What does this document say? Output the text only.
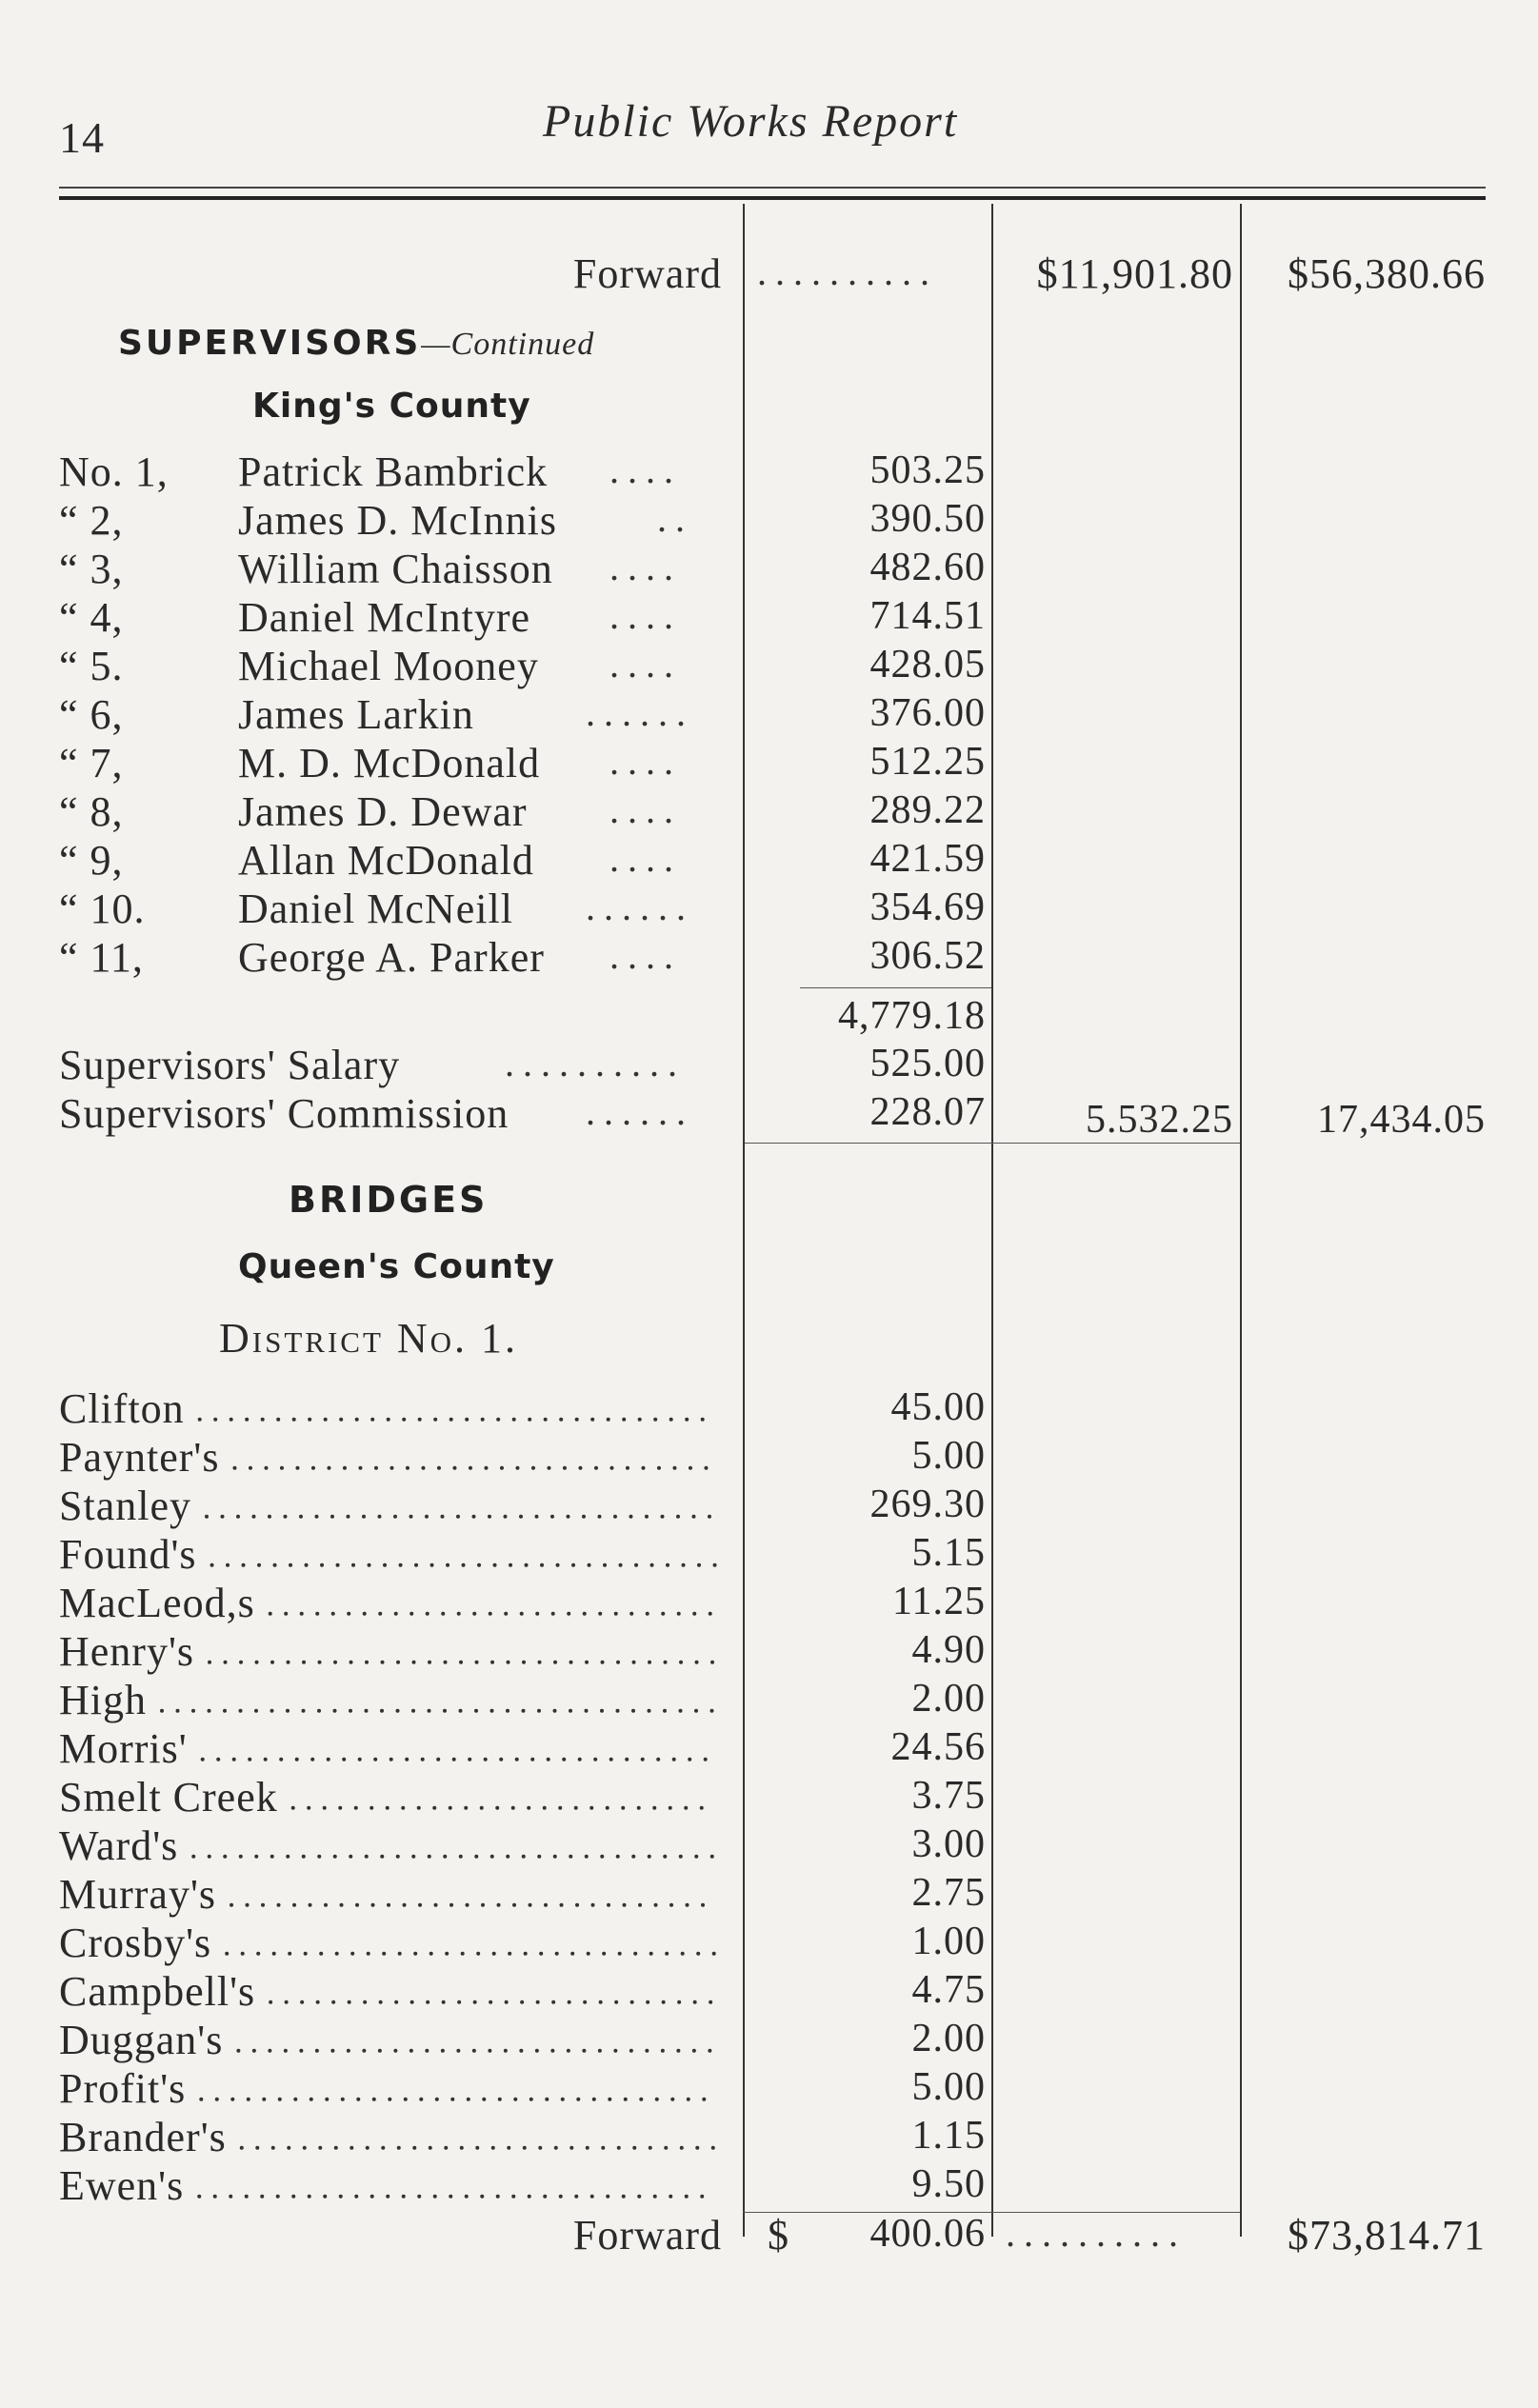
14	Public Works Report
Forward ..........	$11,901.80	$56,380.66
SUPERVISORS—Continued
King's County
No. 1, Patrick Bambrick ....	503.25
“ 2,	James D. McInnis	..	390.50
“ 3,	William Chaisson ....	482.60
“ 4,	Daniel McIntyre ....	714.51
“ 5.	Michael Mooney ....	428.05
“ 6,	James Larkin	......	376.00
“ 7,	M. D. McDonald ....	512.25
“ 8,	James D. Dewar ....	289.22
“ 9,	Allan McDonald ....	421.59
“ 10. Daniel McNeill ......	354.69
“ 11, George A. Parker ....	306.52
4,779.18
Supervisors' Salary	..........	525.00
Supervisors' Commission ......	228.07	5.532.25	17,434.05
BRIDGES
Queen's County
District No. 1.
Clifton	45.00
Paynter's	5.00
Stanley	269.30
Found's	5.15
MacLeod,s	11.25
Henry's	4.90
High	2.00
Morris'	24.56
Smelt Creek	3.75
Ward's	3.00
Murray's	2.75
Crosby's	1.00
Campbell's	4.75
Duggan's	2.00
Profit's	5.00
Brander's	1.15
Ewen's	9.50
Forward $	400.06 ..........	$73,814.71
